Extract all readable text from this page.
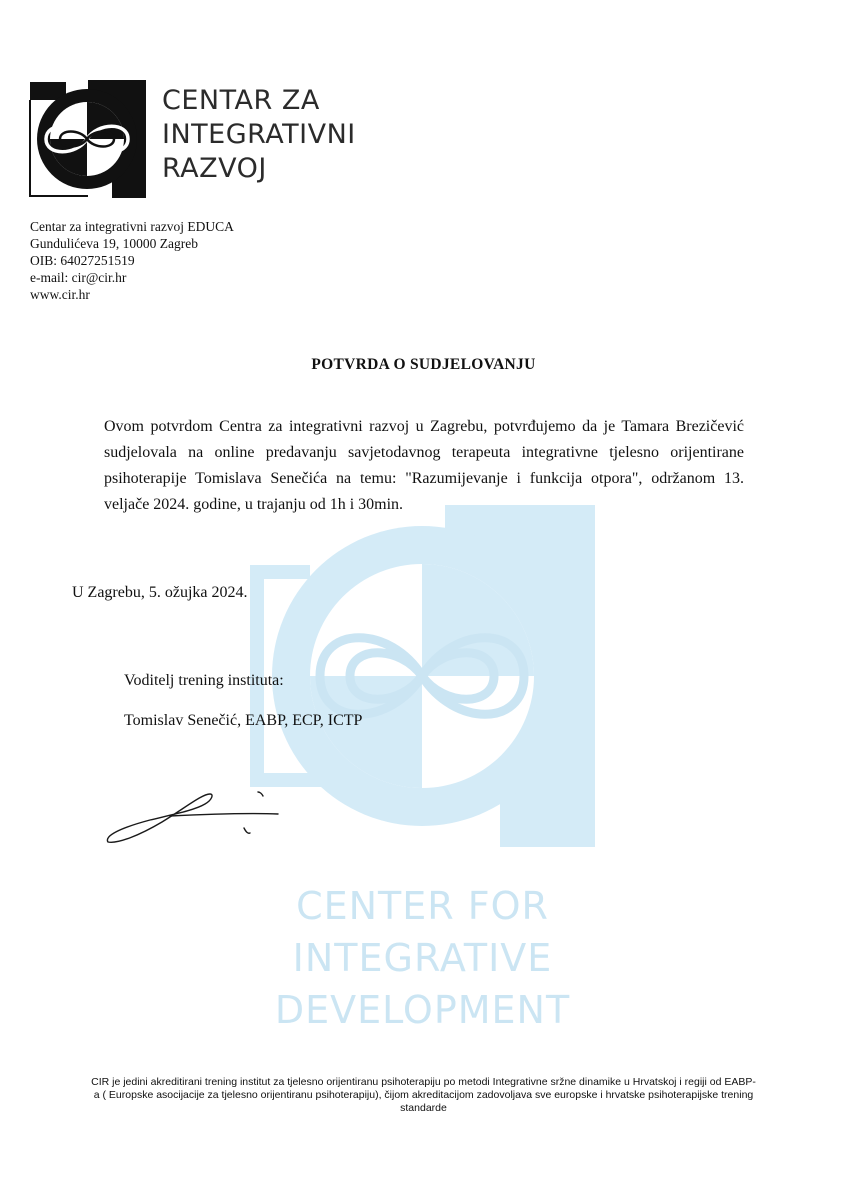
CENTER FOR
INTEGRATIVE
DEVELOPMENT
CENTAR ZA
INTEGRATIVNI
RAZVOJ
Centar za integrativni razvoj EDUCA
Gundulićeva 19, 10000 Zagreb
OIB: 64027251519
e-mail: cir@cir.hr
www.cir.hr
POTVRDA O SUDJELOVANJU
Ovom potvrdom Centra za integrativni razvoj u Zagrebu, potvrđujemo da je Tamara Brezičević sudjelovala na online predavanju savjetodavnog terapeuta integrativne tjelesno orijentirane psihoterapije Tomislava Senečića na temu: "Razumijevanje i funkcija otpora", održanom 13. veljače 2024. godine, u trajanju od 1h i 30min.
U Zagrebu, 5. ožujka 2024.
Voditelj trening instituta:
Tomislav Senečić, EABP, ECP, ICTP
CIR je jedini akreditirani trening institut za tjelesno orijentiranu psihoterapiju po metodi Integrativne sržne dinamike u Hrvatskoj i regiji od EABP-a ( Europske asocijacije za tjelesno orijentiranu psihoterapiju), čijom akreditacijom zadovoljava sve europske i hrvatske psihoterapijske trening standarde
